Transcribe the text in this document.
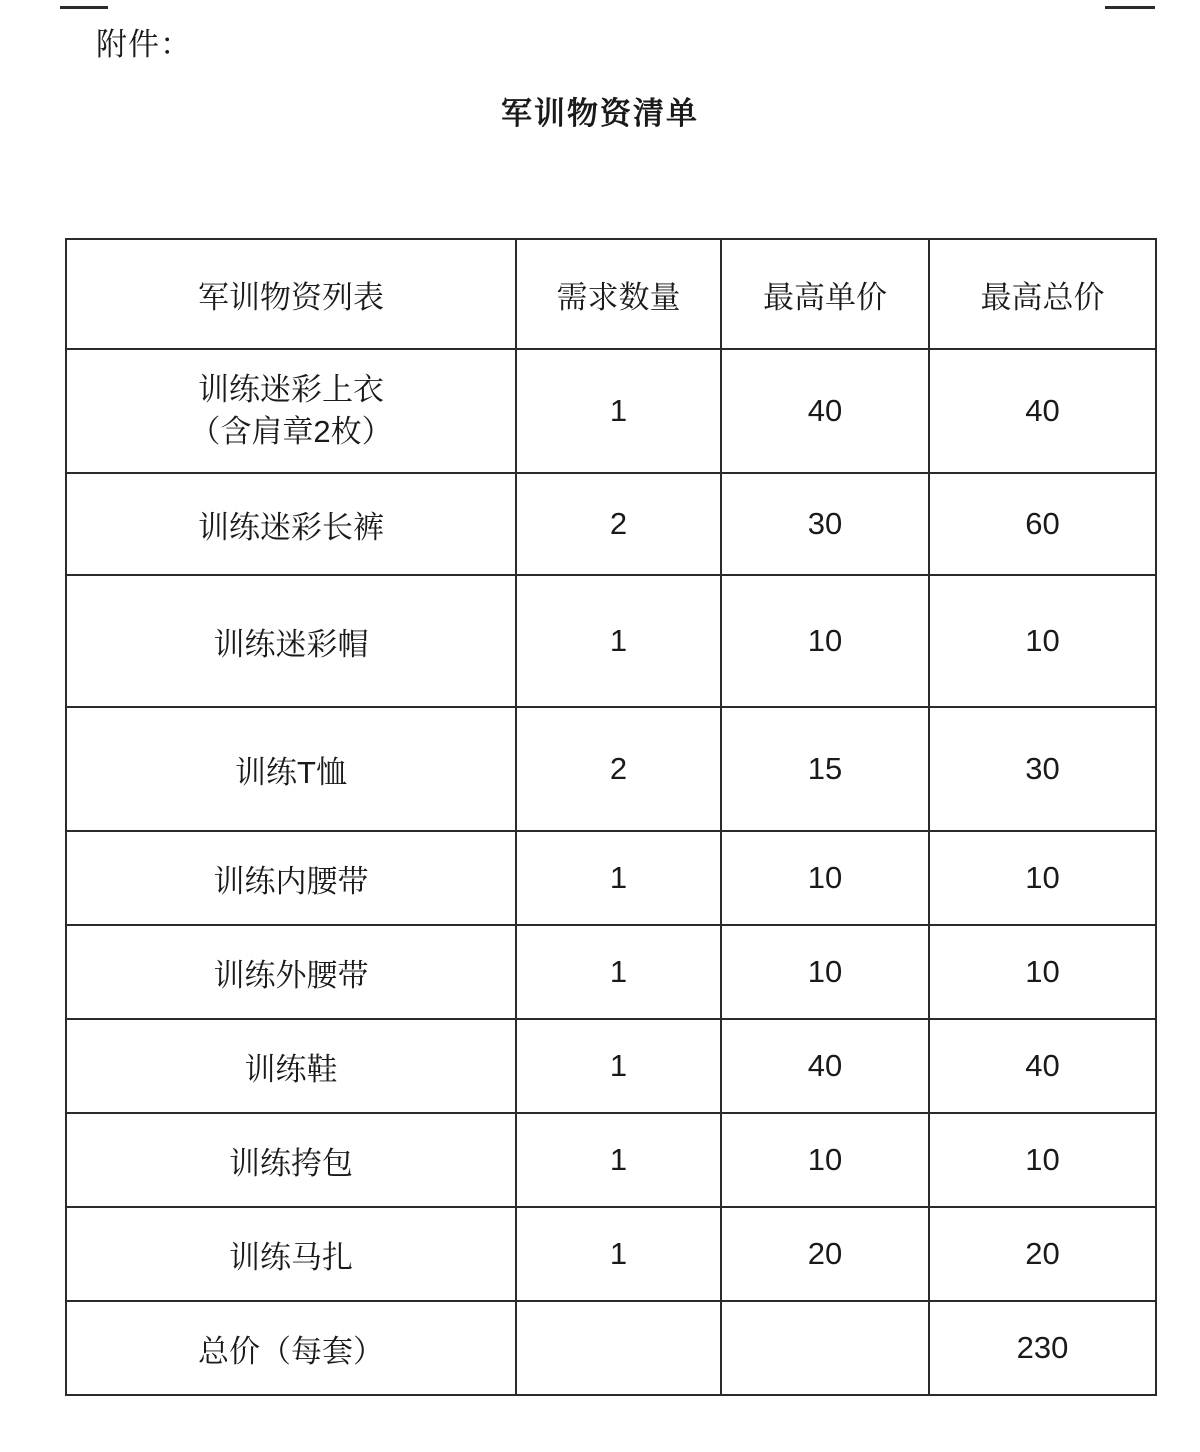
附件：
军训物资清单
军训物资列表	需求数量	最高单价	最高总价

训练迷彩上衣
（含肩章2枚）	1	40	40
训练迷彩长裤	2	30	60
训练迷彩帽	1	10	10
训练T恤	2	15	30
训练内腰带	1	10	10
训练外腰带	1	10	10
训练鞋	1	40	40
训练挎包	1	10	10
训练马扎	1	20	20
总价（每套）			230
